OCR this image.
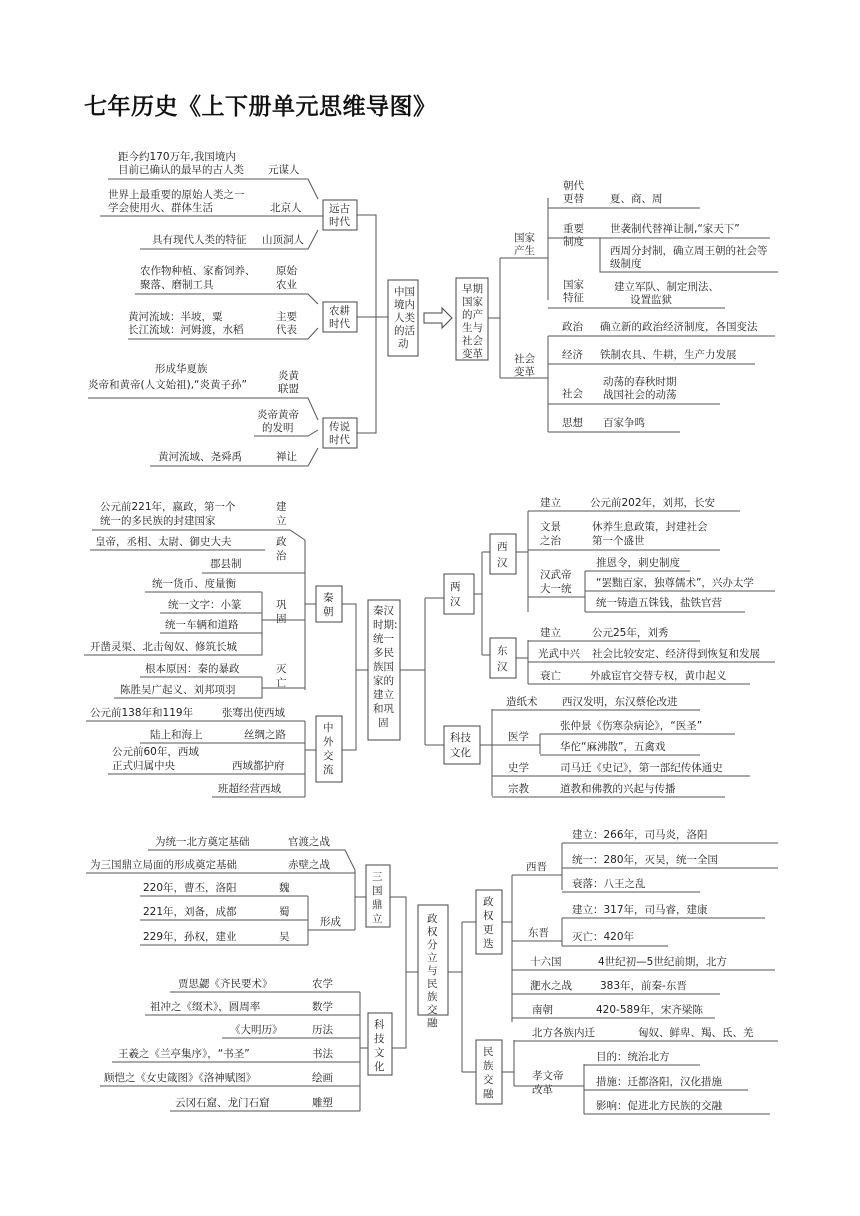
七年历史《上下册单元思维导图》
距今约170万年,我国境内
目前已确认的最早的古人类 元谋人
世界上最重要的原始人类之一
学会使用火、群体生活	北京人
具有现代人类的特征 山顶洞人
远古
时代
农作物种植、家畜饲养、
聚落、磨制工具
原始
农业
黄河流域：半坡，粟
长江流域：河姆渡，水稻
主要
代表
农耕
时代
形成华夏族
炎帝和黄帝(人文始祖),“炎黄子孙”
炎黄
联盟
炎帝黄帝
的发明
黄河流域、尧舜禹	禅让
传说
时代
中国
境内
人类
的活
动
早期
国家
的产
生与
社会
变革
国家
产生
朝代
更替 夏、商、周
重要
制度
世袭制代替禅让制,“家天下”
西周分封制，确立周王朝的社会等
级制度
国家
特征
建立军队、制定刑法、
设置监狱
社会
变革
政治 确立新的政治经济制度，各国变法
经济 铁制农具、牛耕，生产力发展
社会
动荡的春秋时期
战国社会的动荡
思想 百家争鸣
公元前221年，嬴政，第一个
统一的多民族的封建国家
建
立
皇帝，丞相、太尉、御史大夫	政
治
郡县制
统一货币、度量衡
统一文字：小篆	巩
固
统一车辆和道路
开凿灵渠、北击匈奴、修筑长城
根本原因：秦的暴政	灭
亡
陈胜吴广起义、刘邦项羽
秦
朝
公元前138年和119年	张骞出使西域
陆上和海上	丝绸之路
公元前60年，西域
正式归属中央	西域都护府
班超经营西域
中
外
交
流
秦汉
时期:
统一
多民
族国
家的
建立
和巩
固
两
汉
西
汉
建立	公元前202年，刘邦，长安
文景
之治
休养生息政策，封建社会
第一个盛世
汉武帝
大一统
推恩令，刺史制度
“罢黜百家，独尊儒术”，兴办太学
统一铸造五铢钱，盐铁官营
东
汉
建立	公元25年，刘秀
光武中兴 社会比较安定、经济得到恢复和发展
衰亡	外戚宦官交替专权，黄巾起义
科技
文化
造纸术 西汉发明，东汉蔡伦改进
医学
张仲景《伤寒杂病论》，“医圣”
华佗“麻沸散”，五禽戏
史学	司马迁《史记》，第一部纪传体通史
宗教	道教和佛教的兴起与传播
为统一北方奠定基础	官渡之战
为三国鼎立局面的形成奠定基础	赤壁之战
220年，曹丕，洛阳	魏
221年，刘备，成都	蜀
229年，孙权，建业	吴
形成
三
国
鼎
立
贾思勰《齐民要术》	农学
祖冲之《缀术》，圆周率	数学
《大明历》	历法
王羲之《兰亭集序》，“书圣”	书法
顾恺之《女史箴图》《洛神赋图》	绘画
云冈石窟、龙门石窟	雕塑
科
技
文
化
政
权
分
立
与
民
族
交
融
政
权
更
迭
西晋
建立：266年，司马炎，洛阳
统一：280年，灭吴，统一全国
衰落：八王之乱
东晋
建立：317年，司马睿，建康
灭亡：420年
十六国	4世纪初—5世纪前期，北方
淝水之战	383年，前秦-东晋
南朝	420-589年，宋齐梁陈
民
族
交
融
北方各族内迁	匈奴、鲜卑、羯、氐、羌
孝文帝
改革
目的：统治北方
措施：迁都洛阳，汉化措施
影响：促进北方民族的交融
